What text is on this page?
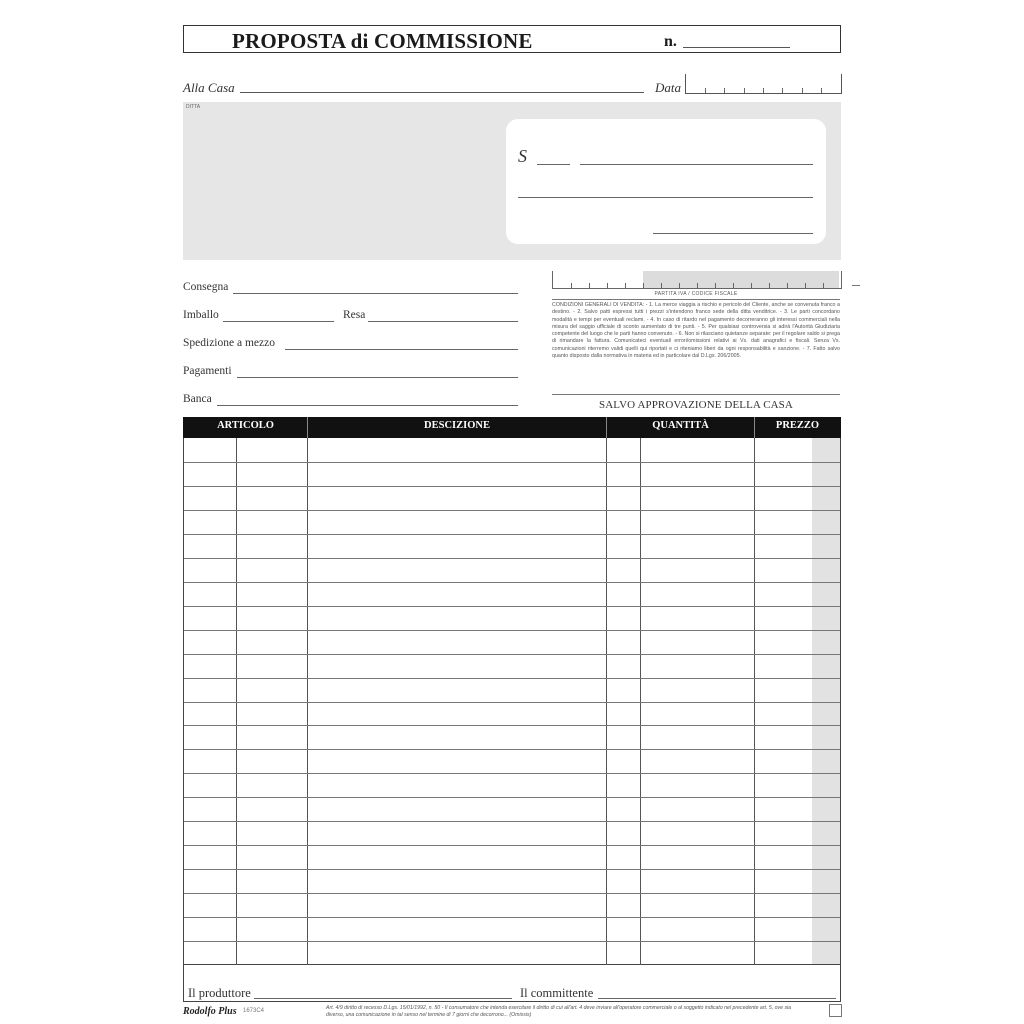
PROPOSTA di COMMISSIONE	n.
Alla Casa	Data
DITTA
S
Consegna
Imballo	Resa
Spedizione a mezzo
Pagamenti
Banca
PARTITA IVA / CODICE FISCALE
CONDIZIONI GENERALI DI VENDITA: - 1. La merce viaggia a rischio e pericolo del Cliente, anche se convenuta franco a destino. - 2. Salvo patti espressi tutti i prezzi s'intendono franco sede della ditta venditrice. - 3. Le parti concordano modalità e tempi per eventuali reclami. - 4. In caso di ritardo nel pagamento decorreranno gli interessi commerciali nella misura del saggio ufficiale di sconto aumentato di tre punti. - 5. Per qualsiasi controversia si adirà l'Autorità Giudiziaria competente del luogo che le parti hanno convenuto. - 6. Non si rilasciano quietanze separate: per il regolare saldo si prega di rimandare la fattura. Comunicateci eventuali errori/omissioni relativi ai Vs. dati anagrafici e fiscali. Senza Vs. comunicazioni riterremo validi quelli qui riportati e ci riteniamo liberi da ogni responsabilità e sanzione. - 7. Fatto salvo quanto disposto dalla normativa in materia ed in particolare dal D.Lgs. 206/2005.
SALVO APPROVAZIONE DELLA CASA
ARTICOLO	DESCIZIONE	QUANTITÀ	PREZZO
Il produttore	Il committente
Rodolfo Plus 1673C4	Art. 4/9 diritto di recesso D.Lgs. 15/01/1992, n. 50 - Il consumatore che intenda esercitare il diritto di cui all'art. 4 deve inviare all'operatore commerciale o al soggetto indicato nel precedente art. 5, ove sia diverso, una comunicazione in tal senso nel termine di 7 giorni che decorrono... (Omissis)
